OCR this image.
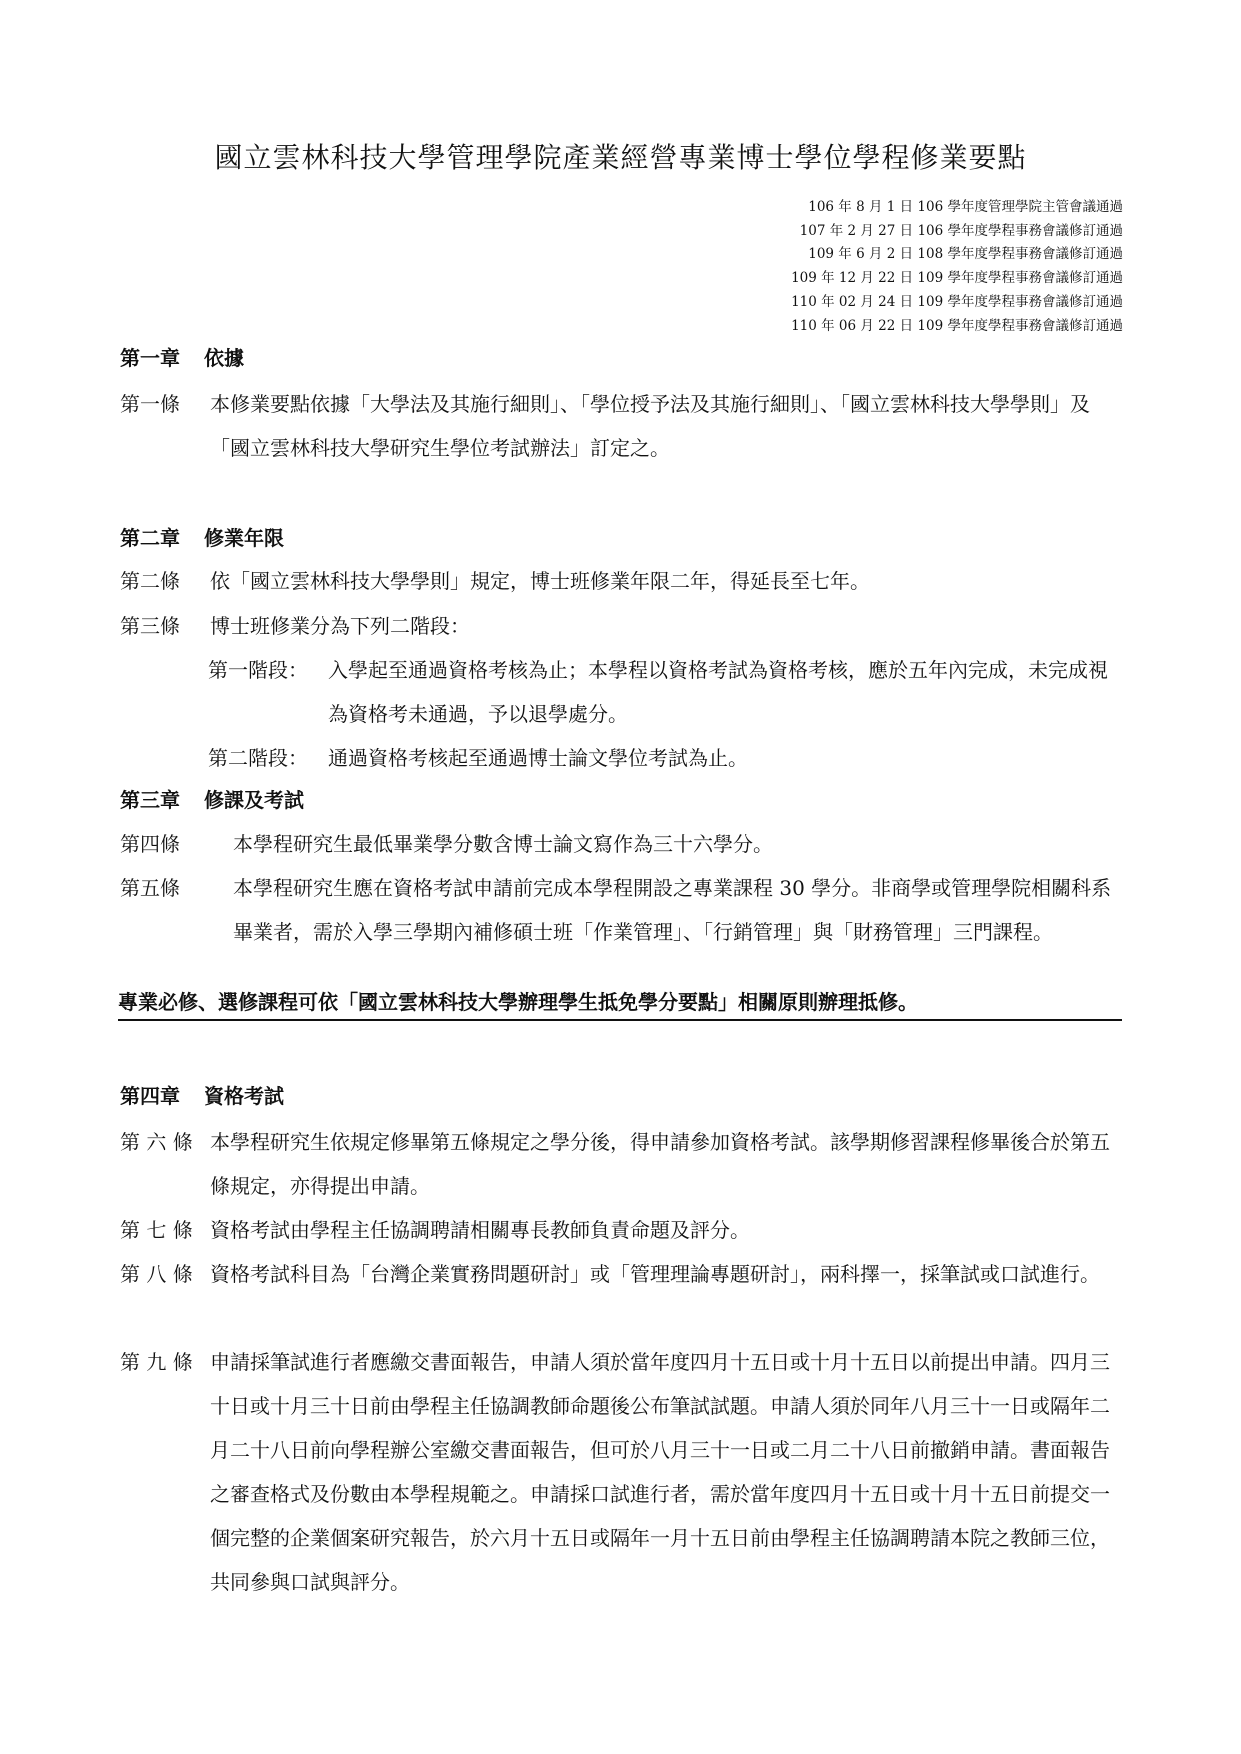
國立雲林科技大學管理學院產業經營專業博士學位學程修業要點
106 年 8 月 1 日 106 學年度管理學院主管會議通過
107 年 2 月 27 日 106 學年度學程事務會議修訂通過
109 年 6 月 2 日 108 學年度學程事務會議修訂通過
109 年 12 月 22 日 109 學年度學程事務會議修訂通過
110 年 02 月 24 日 109 學年度學程事務會議修訂通過
110 年 06 月 22 日 109 學年度學程事務會議修訂通過
第一章 依據
第一條 本修業要點依據「大學法及其施行細則」、「學位授予法及其施行細則」、「國立雲林科技大學學則」及「國立雲林科技大學研究生學位考試辦法」訂定之。
第二章 修業年限
第二條 依「國立雲林科技大學學則」規定，博士班修業年限二年，得延長至七年。
第三條 博士班修業分為下列二階段：
第一階段： 入學起至通過資格考核為止；本學程以資格考試為資格考核，應於五年內完成，未完成視為資格考未通過，予以退學處分。
第二階段： 通過資格考核起至通過博士論文學位考試為止。
第三章 修課及考試
第四條	本學程研究生最低畢業學分數含博士論文寫作為三十六學分。
第五條	本學程研究生應在資格考試申請前完成本學程開設之專業課程 30 學分。非商學或管理學院相關科系畢業者，需於入學三學期內補修碩士班「作業管理」、「行銷管理」與「財務管理」三門課程。
專業必修、選修課程可依「國立雲林科技大學辦理學生抵免學分要點」相關原則辦理抵修。
第四章 資格考試
第 六 條 本學程研究生依規定修畢第五條規定之學分後，得申請參加資格考試。該學期修習課程修畢後合於第五條規定，亦得提出申請。
第 七 條 資格考試由學程主任協調聘請相關專長教師負責命題及評分。
第 八 條 資格考試科目為「台灣企業實務問題研討」或「管理理論專題研討」，兩科擇一，採筆試或口試進行。
第 九 條 申請採筆試進行者應繳交書面報告，申請人須於當年度四月十五日或十月十五日以前提出申請。四月三十日或十月三十日前由學程主任協調教師命題後公布筆試試題。申請人須於同年八月三十一日或隔年二月二十八日前向學程辦公室繳交書面報告，但可於八月三十一日或二月二十八日前撤銷申請。書面報告之審查格式及份數由本學程規範之。申請採口試進行者，需於當年度四月十五日或十月十五日前提交一個完整的企業個案研究報告，於六月十五日或隔年一月十五日前由學程主任協調聘請本院之教師三位，共同參與口試與評分。
